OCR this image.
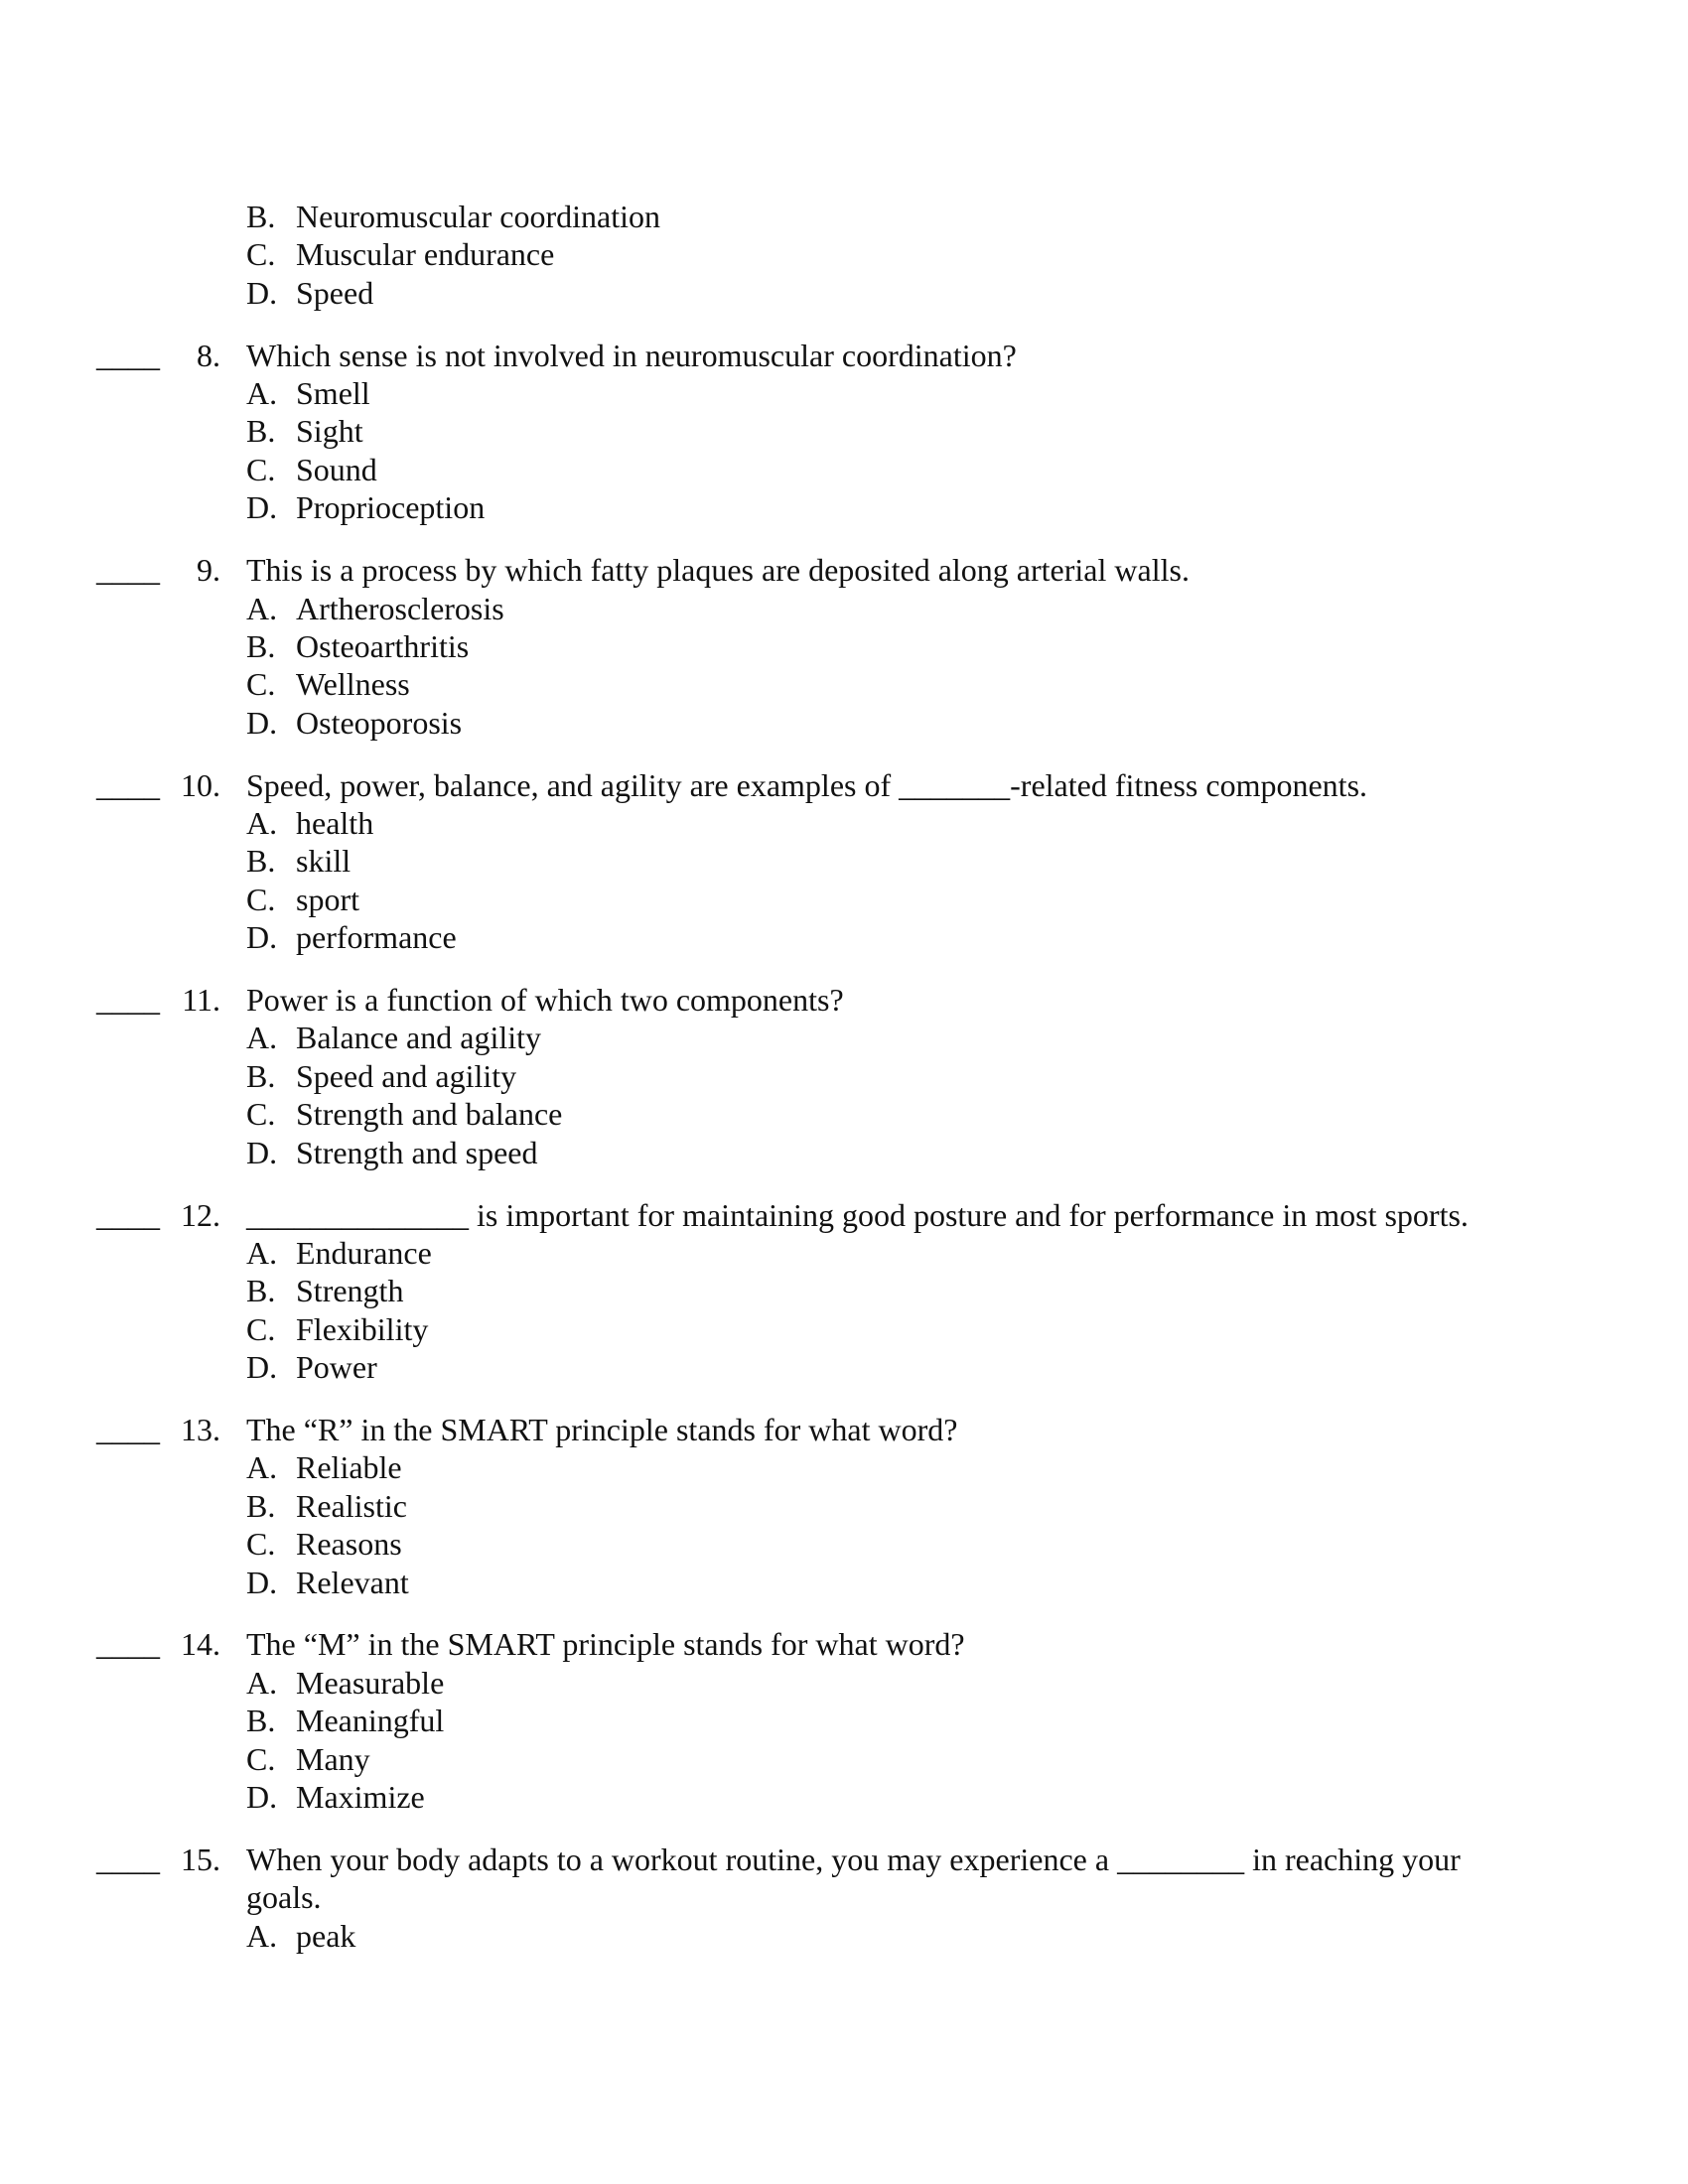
B. Neuromuscular coordination
C. Muscular endurance
D. Speed
____	8. Which sense is not involved in neuromuscular coordination?
A. Smell
B. Sight
C. Sound
D. Proprioception
____	9. This is a process by which fatty plaques are deposited along arterial walls.
A. Artherosclerosis
B. Osteoarthritis
C. Wellness
D. Osteoporosis
____ 10. Speed, power, balance, and agility are examples of _______-related fitness components.
A. health
B. skill
C. sport
D. performance
____ 11. Power is a function of which two components?
A. Balance and agility
B. Speed and agility
C. Strength and balance
D. Strength and speed
____ 12. ______________ is important for maintaining good posture and for performance in most sports.
A. Endurance
B. Strength
C. Flexibility
D. Power
____ 13. The “R” in the SMART principle stands for what word?
A. Reliable
B. Realistic
C. Reasons
D. Relevant
____ 14. The “M” in the SMART principle stands for what word?
A. Measurable
B. Meaningful
C. Many
D. Maximize
____ 15. When your body adapts to a workout routine, you may experience a ________ in reaching your goals.
A. peak
